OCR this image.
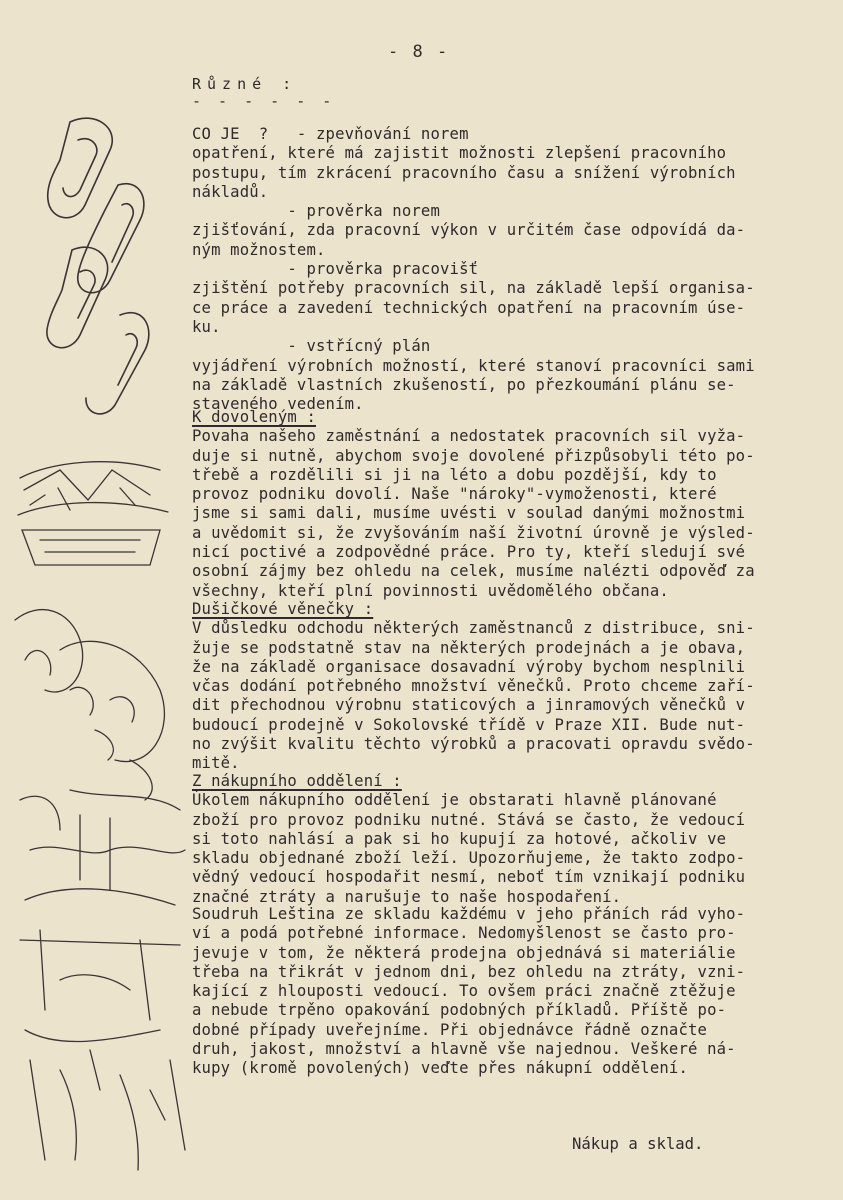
- 8 -
Různé :
- - - - - -
CO JE  ?   - zpevňování norem
opatření, které má zajistit možnosti zlepšení pracovního
postupu, tím zkrácení pracovního času a snížení výrobních
nákladů.
- prověrka norem
zjišťování, zda pracovní výkon v určitém čase odpovídá da-
ným možnostem.
- prověrka pracovišť
zjištění potřeby pracovních sil, na základě lepší organisa-
ce práce a zavedení technických opatření na pracovním úse-
ku.
- vstřícný plán
vyjádření výrobních možností, které stanoví pracovníci sami
na základě vlastních zkušeností, po přezkoumání plánu se-
staveného vedením.
K dovoleným :
Povaha našeho zaměstnání a nedostatek pracovních sil vyža-
duje si nutně, abychom svoje dovolené přizpůsobyli této po-
třebě a rozdělili si ji na léto a dobu pozdější, kdy to
provoz podniku dovolí. Naše "nároky"-vymoženosti, které
jsme si sami dali, musíme uvésti v soulad danými možnostmi
a uvědomit si, že zvyšováním naší životní úrovně je výsled-
nicí poctivé a zodpovědné práce. Pro ty, kteří sledují své
osobní zájmy bez ohledu na celek, musíme nalézti odpověď za
všechny, kteří plní povinnosti uvědomělého občana.
Dušičkové věnečky :
V důsledku odchodu některých zaměstnanců z distribuce, sni-
žuje se podstatně stav na některých prodejnách a je obava,
že na základě organisace dosavadní výroby bychom nesplnili
včas dodání potřebného množství věnečků. Proto chceme zaří-
dit přechodnou výrobnu staticových a jinramových věnečků v
budoucí prodejně v Sokolovské třídě v Praze XII. Bude nut-
no zvýšit kvalitu těchto výrobků a pracovati opravdu svědo-
mitě.
Z nákupního oddělení :
Úkolem nákupního oddělení je obstarati hlavně plánované
zboží pro provoz podniku nutné. Stává se často, že vedoucí
si toto nahlásí a pak si ho kupují za hotové, ačkoliv ve
skladu objednané zboží leží. Upozorňujeme, že takto zodpo-
vědný vedoucí hospodařit nesmí, neboť tím vznikají podniku
značné ztráty a narušuje to naše hospodaření.
Soudruh Leština ze skladu každému v jeho přáních rád vyho-
ví a podá potřebné informace. Nedomyšlenost se často pro-
jevuje v tom, že některá prodejna objednává si materiálie
třeba na třikrát v jednom dni, bez ohledu na ztráty, vzni-
kající z hlouposti vedoucí. To ovšem práci značně ztěžuje
a nebude trpěno opakování podobných příkladů. Příště po-
dobné případy uveřejníme. Při objednávce řádně označte
druh, jakost, množství a hlavně vše najednou. Veškeré ná-
kupy (kromě povolených) veďte přes nákupní oddělení.
Nákup a sklad.
